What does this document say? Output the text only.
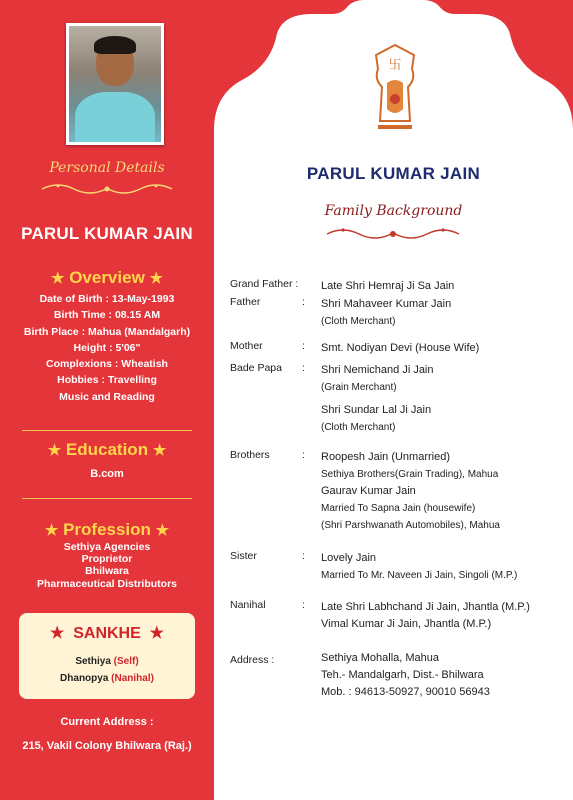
Personal Details
PARUL KUMAR JAIN
★ Overview ★
Date of Birth : 13-May-1993
Birth Time : 08.15 AM
Birth Place : Mahua (Mandalgarh)
Height : 5'06"
Complexions : Wheatish
Hobbies : Travelling
Music and Reading
★ Education ★
B.com
★ Profession ★
Sethiya Agencies
Proprietor
Bhilwara
Pharmaceutical Distributors
★ SANKHE ★
Sethiya (Self)
Dhanopya (Nanihal)
Current Address :
215, Vakil Colony Bhilwara (Raj.)
卐
PARUL KUMAR JAIN
Family Background
Grand Father : Late Shri Hemraj Ji Sa Jain
Father	: Shri Mahaveer Kumar Jain
(Cloth Merchant)
Mother	: Smt. Nodiyan Devi (House Wife)
Bade Papa : Shri Nemichand Ji Jain
(Grain Merchant)
Shri Sundar Lal Ji Jain
(Cloth Merchant)
Brothers	: Roopesh Jain (Unmarried)
Sethiya Brothers(Grain Trading), Mahua
Gaurav Kumar Jain
Married To Sapna Jain (housewife)
(Shri Parshwanath Automobiles), Mahua
Sister	: Lovely Jain
Married To Mr. Naveen Ji Jain, Singoli (M.P.)
Nanihal	: Late Shri Labhchand Ji Jain, Jhantla (M.P.)
Vimal Kumar Ji Jain, Jhantla (M.P.)
Address :	Sethiya Mohalla, Mahua
Teh.- Mandalgarh, Dist.- Bhilwara
Mob. : 94613-50927, 90010 56943
